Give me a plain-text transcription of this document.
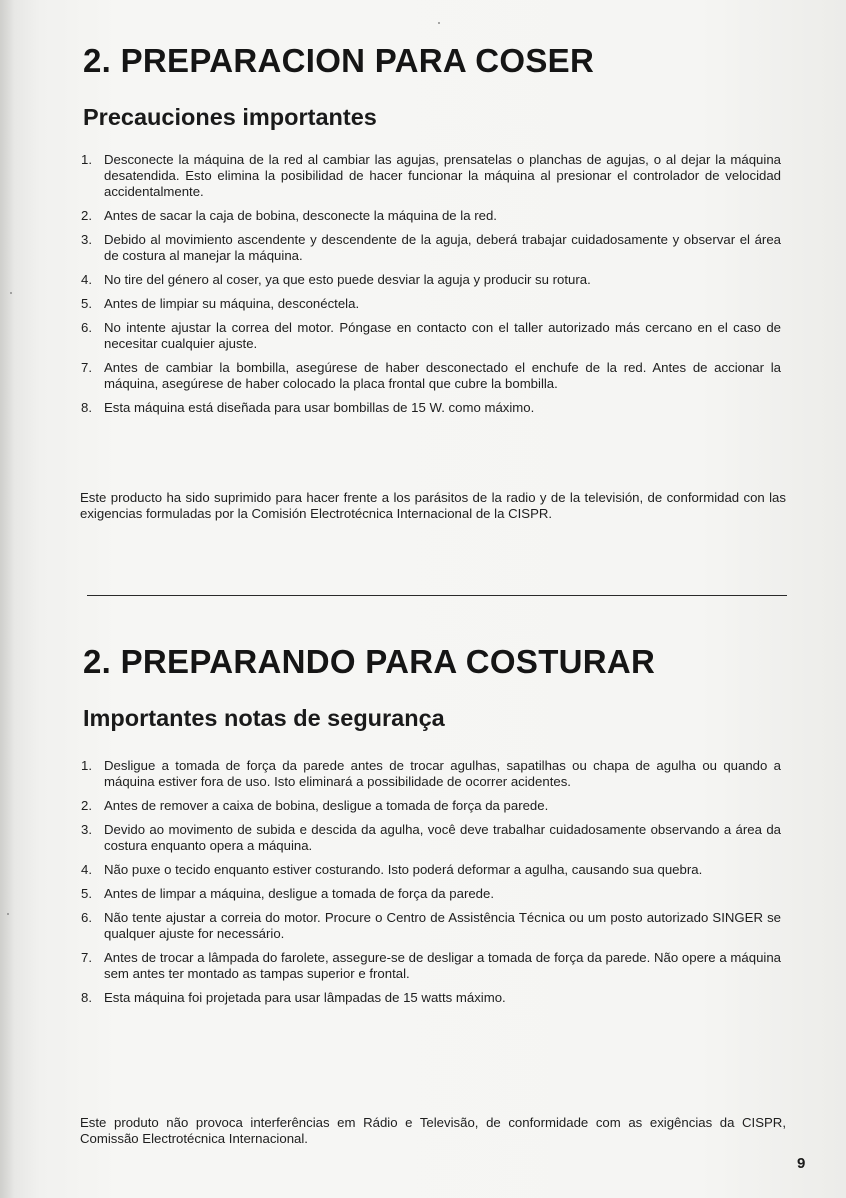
2. PREPARACION PARA COSER
Precauciones importantes
1. Desconecte la máquina de la red al cambiar las agujas, prensatelas o planchas de agujas, o al dejar la máquina desatendida. Esto elimina la posibilidad de hacer funcionar la máquina al presionar el controlador de velocidad accidentalmente.
2. Antes de sacar la caja de bobina, desconecte la máquina de la red.
3. Debido al movimiento ascendente y descendente de la aguja, deberá trabajar cuidadosamente y observar el área de costura al manejar la máquina.
4. No tire del género al coser, ya que esto puede desviar la aguja y producir su rotura.
5. Antes de limpiar su máquina, desconéctela.
6. No intente ajustar la correa del motor. Póngase en contacto con el taller autorizado más cercano en el caso de necesitar cualquier ajuste.
7. Antes de cambiar la bombilla, asegúrese de haber desconectado el enchufe de la red. Antes de accionar la máquina, asegúrese de haber colocado la placa frontal que cubre la bombilla.
8. Esta máquina está diseñada para usar bombillas de 15 W. como máximo.

Este producto ha sido suprimido para hacer frente a los parásitos de la radio y de la televisión, de conformidad con las exigencias formuladas por la Comisión Electrotécnica Internacional de la CISPR.

2. PREPARANDO PARA COSTURAR
Importantes notas de segurança
1. Desligue a tomada de força da parede antes de trocar agulhas, sapatilhas ou chapa de agulha ou quando a máquina estiver fora de uso. Isto eliminará a possibilidade de ocorrer acidentes.
2. Antes de remover a caixa de bobina, desligue a tomada de força da parede.
3. Devido ao movimento de subida e descida da agulha, você deve trabalhar cuidadosamente observando a área da costura enquanto opera a máquina.
4. Não puxe o tecido enquanto estiver costurando. Isto poderá deformar a agulha, causando sua quebra.
5. Antes de limpar a máquina, desligue a tomada de força da parede.
6. Não tente ajustar a correia do motor. Procure o Centro de Assistência Técnica ou um posto autorizado SINGER se qualquer ajuste for necessário.
7. Antes de trocar a lâmpada do farolete, assegure-se de desligar a tomada de força da parede. Não opere a máquina sem antes ter montado as tampas superior e frontal.
8. Esta máquina foi projetada para usar lâmpadas de 15 watts máximo.

Este produto não provoca interferências em Rádio e Televisão, de conformidade com as exigências da CISPR, Comissão Electrotécnica Internacional.

9
